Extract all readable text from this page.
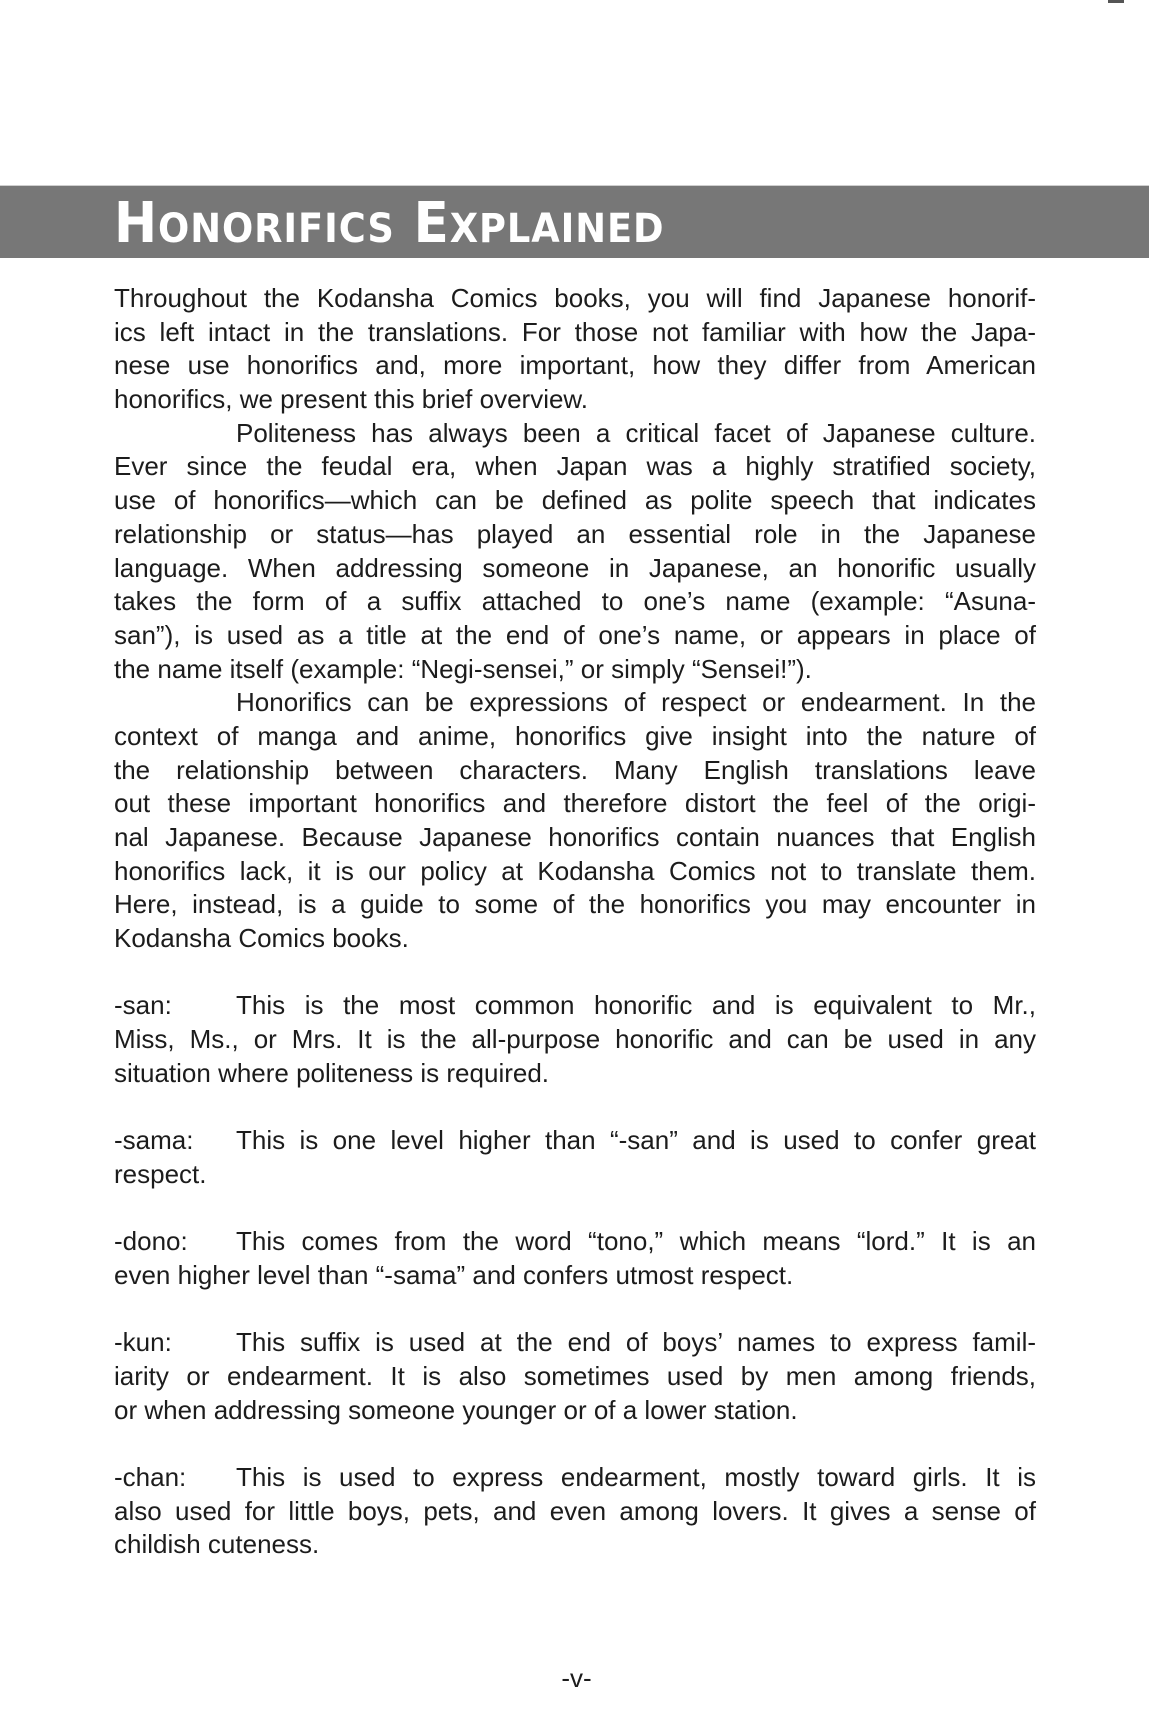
HONORIFICS EXPLAINED
Throughout the Kodansha Comics books, you will find Japanese honorif-
ics left intact in the translations. For those not familiar with how the Japa-
nese use honorifics and, more important, how they differ from American
honorifics, we present this brief overview.
Politeness has always been a critical facet of Japanese culture.
Ever since the feudal era, when Japan was a highly stratified society,
use of honorifics—which can be defined as polite speech that indicates
relationship or status—has played an essential role in the Japanese
language. When addressing someone in Japanese, an honorific usually
takes the form of a suffix attached to one’s name (example: “Asuna-
san”), is used as a title at the end of one’s name, or appears in place of
the name itself (example: “Negi-sensei,” or simply “Sensei!”).
Honorifics can be expressions of respect or endearment. In the
context of manga and anime, honorifics give insight into the nature of
the relationship between characters. Many English translations leave
out these important honorifics and therefore distort the feel of the origi-
nal Japanese. Because Japanese honorifics contain nuances that English
honorifics lack, it is our policy at Kodansha Comics not to translate them.
Here, instead, is a guide to some of the honorifics you may encounter in
Kodansha Comics books.
-san:	This is the most common honorific and is equivalent to Mr.,
Miss, Ms., or Mrs. It is the all-purpose honorific and can be used in any
situation where politeness is required.
-sama:	This is one level higher than “-san” and is used to confer great
respect.
-dono:	This comes from the word “tono,” which means “lord.” It is an
even higher level than “-sama” and confers utmost respect.
-kun:	This suffix is used at the end of boys’ names to express famil-
iarity or endearment. It is also sometimes used by men among friends,
or when addressing someone younger or of a lower station.
-chan:	This is used to express endearment, mostly toward girls. It is
also used for little boys, pets, and even among lovers. It gives a sense of
childish cuteness.
-v-
